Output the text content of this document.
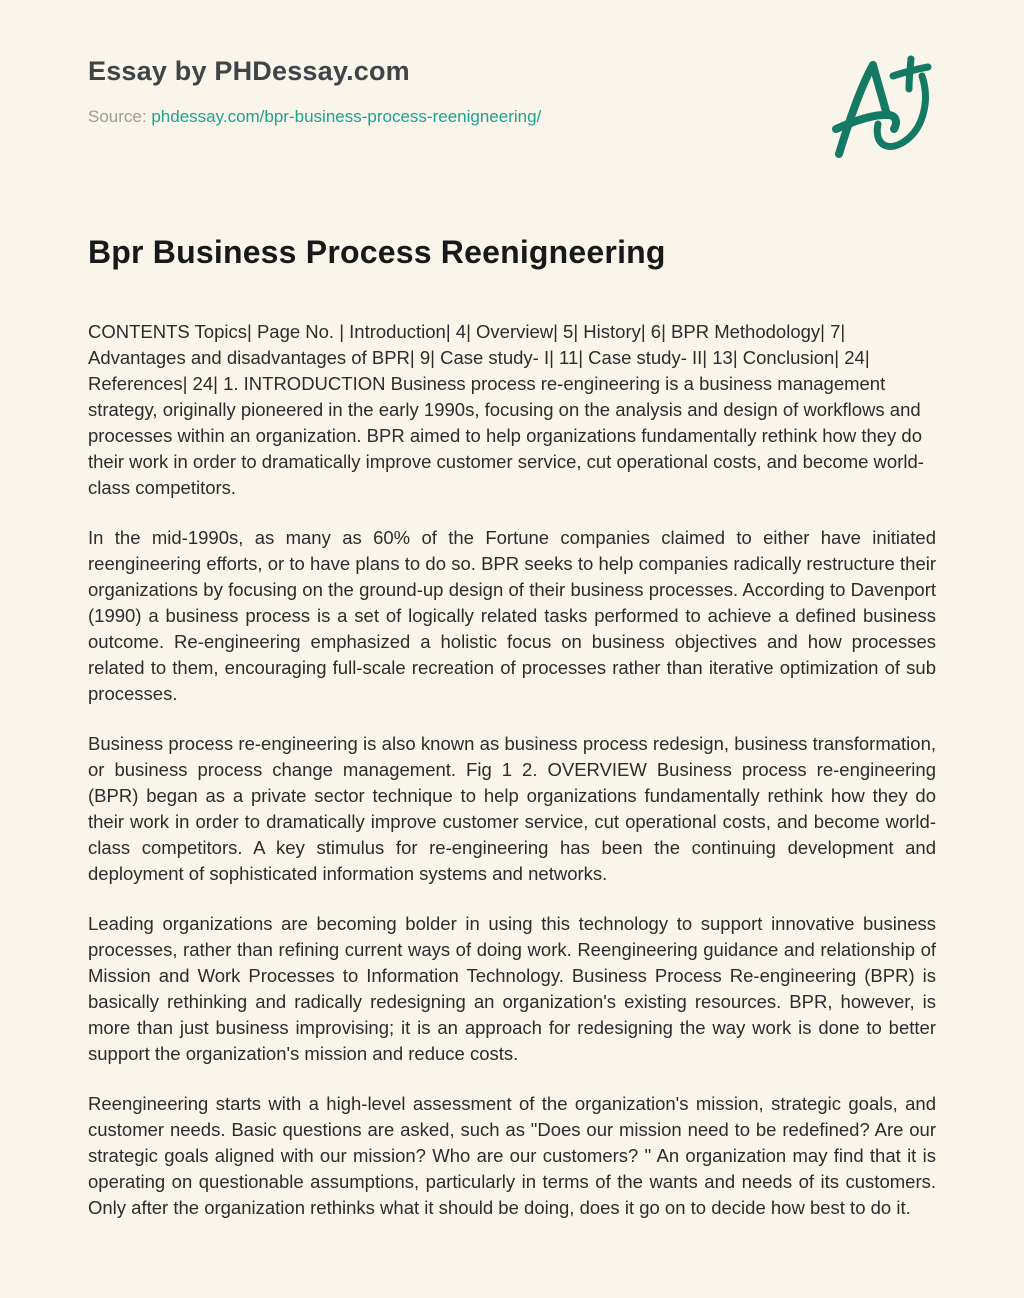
Essay by PHDessay.com
Source: phdessay.com/bpr-business-process-reenigneering/
Bpr Business Process Reenigneering

CONTENTS Topics| Page No. | Introduction| 4| Overview| 5| History| 6| BPR Methodology| 7| Advantages and disadvantages of BPR| 9| Case study- I| 11| Case study- II| 13| Conclusion| 24| References| 24| 1. INTRODUCTION Business process re-engineering is a business management strategy, originally pioneered in the early 1990s, focusing on the analysis and design of workflows and processes within an organization. BPR aimed to help organizations fundamentally rethink how they do their work in order to dramatically improve customer service, cut operational costs, and become world-class competitors.

In the mid-1990s, as many as 60% of the Fortune companies claimed to either have initiated reengineering efforts, or to have plans to do so. BPR seeks to help companies radically restructure their organizations by focusing on the ground-up design of their business processes. According to Davenport (1990) a business process is a set of logically related tasks performed to achieve a defined business outcome. Re-engineering emphasized a holistic focus on business objectives and how processes related to them, encouraging full-scale recreation of processes rather than iterative optimization of sub processes.

Business process re-engineering is also known as business process redesign, business transformation, or business process change management. Fig 1 2. OVERVIEW Business process re-engineering (BPR) began as a private sector technique to help organizations fundamentally rethink how they do their work in order to dramatically improve customer service, cut operational costs, and become world-class competitors. A key stimulus for re-engineering has been the continuing development and deployment of sophisticated information systems and networks.

Leading organizations are becoming bolder in using this technology to support innovative business processes, rather than refining current ways of doing work. Reengineering guidance and relationship of Mission and Work Processes to Information Technology. Business Process Re-engineering (BPR) is basically rethinking and radically redesigning an organization's existing resources. BPR, however, is more than just business improvising; it is an approach for redesigning the way work is done to better support the organization's mission and reduce costs.

Reengineering starts with a high-level assessment of the organization's mission, strategic goals, and customer needs. Basic questions are asked, such as "Does our mission need to be redefined? Are our strategic goals aligned with our mission? Who are our customers? " An organization may find that it is operating on questionable assumptions, particularly in terms of the wants and needs of its customers. Only after the organization rethinks what it should be doing, does it go on to decide how best to do it.
